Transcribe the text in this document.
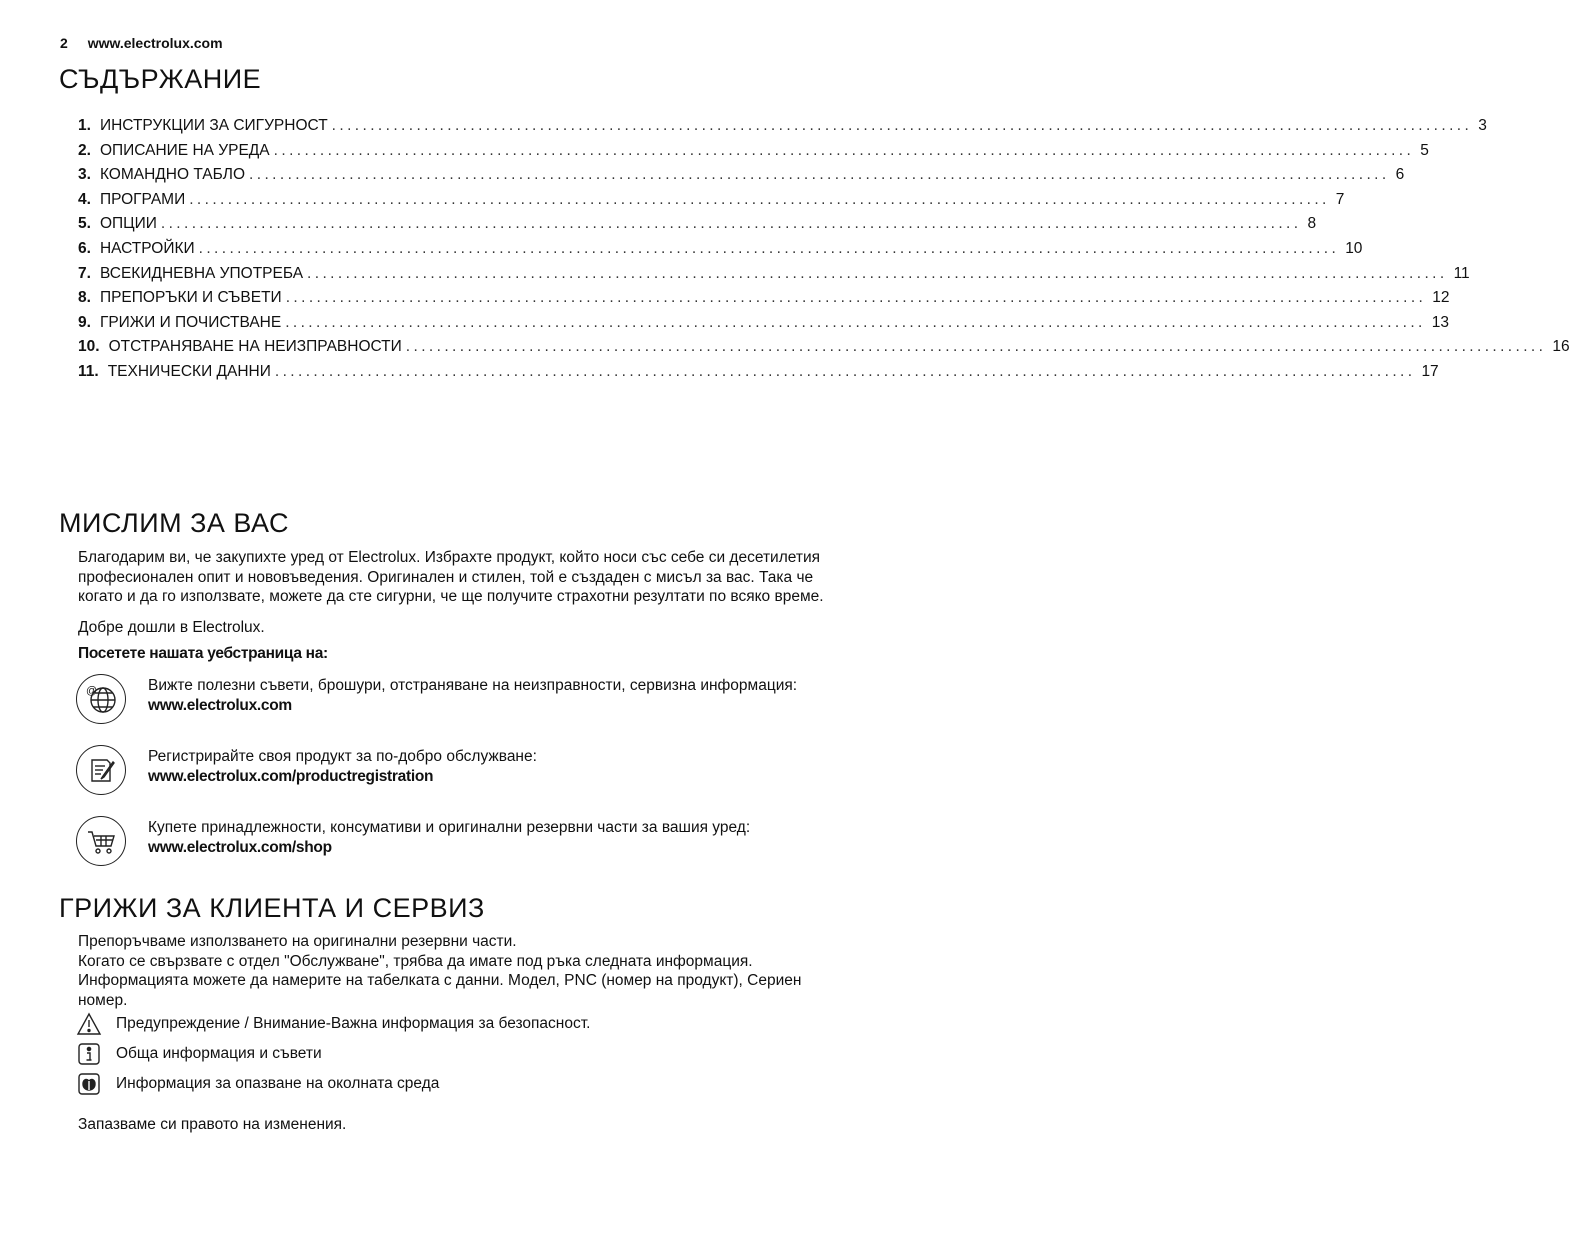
2 www.electrolux.com
СЪДЪРЖАНИЕ
1. ИНСТРУКЦИИ ЗА СИГУРНОСТ .................................................................................................................................................... 3
2. ОПИСАНИЕ НА УРЕДА .................................................................................................................................................... 5
3. КОМАНДНО ТАБЛО .................................................................................................................................................... 6
4. ПРОГРАМИ .................................................................................................................................................... 7
5. ОПЦИИ .................................................................................................................................................... 8
6. НАСТРОЙКИ .................................................................................................................................................... 10
7. ВСЕКИДНЕВНА УПОТРЕБА .................................................................................................................................................... 11
8. ПРЕПОРЪКИ И СЪВЕТИ .................................................................................................................................................... 12
9. ГРИЖИ И ПОЧИСТВАНЕ .................................................................................................................................................... 13
10. ОТСТРАНЯВАНЕ НА НЕИЗПРАВНОСТИ .................................................................................................................................................... 16
11. ТЕХНИЧЕСКИ ДАННИ .................................................................................................................................................... 17
МИСЛИМ ЗА ВАС
Благодарим ви, че закупихте уред от Electrolux. Избрахте продукт, който носи със себе си десетилетия
професионален опит и нововъведения. Оригинален и стилен, той е създаден с мисъл за вас. Така че
когато и да го използвате, можете да сте сигурни, че ще получите страхотни резултати по всяко време.
Добре дошли в Electrolux.
Посетете нашата уебстраница на:
@	Вижте полезни съвети, брошури, отстраняване на неизправности, сервизна информация:
www.electrolux.com
Регистрирайте своя продукт за по-добро обслужване:
www.electrolux.com/productregistration
Купете принадлежности, консумативи и оригинални резервни части за вашия уред:
www.electrolux.com/shop
ГРИЖИ ЗА КЛИЕНТА И СЕРВИЗ
Препоръчваме използването на оригинални резервни части.
Когато се свързвате с отдел "Обслужване", трябва да имате под ръка следната информация.
Информацията можете да намерите на табелката с данни. Модел, PNC (номер на продукт), Сериен номер.
Предупреждение / Внимание-Важна информация за безопасност.
Обща информация и съвети
Информация за опазване на околната среда
Запазваме си правото на изменения.
